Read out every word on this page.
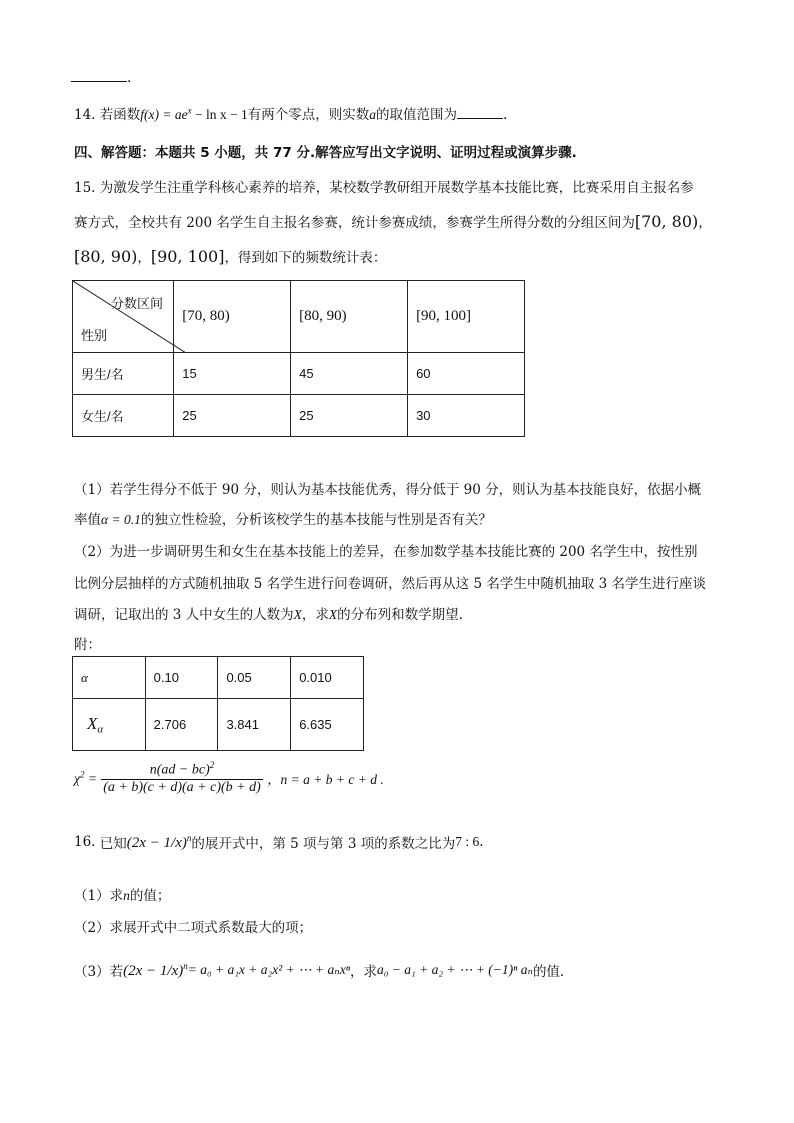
.
14. 若函数$f(x) = ae^x - \ln x - 1$有两个零点，则实数a的取值范围为	.
四、解答题：本题共 5 小题，共 77 分.解答应写出文字说明、证明过程或演算步骤.
15. 为激发学生注重学科核心素养的培养，某校数学教研组开展数学基本技能比赛，比赛采用自主报名参
赛方式，全校共有 200 名学生自主报名参赛，统计参赛成绩，参赛学生所得分数的分组区间为[70, 80)，
[80, 90)，[90, 100]，得到如下的频数统计表：
分数区间
性别	[70, 80)	[80, 90)	[90, 100]
男生/名	15	45	60
女生/名	25	25	30
（1）若学生得分不低于 90 分，则认为基本技能优秀，得分低于 90 分，则认为基本技能良好，依据小概
率值α = 0.1的独立性检验，分析该校学生的基本技能与性别是否有关？
（2）为进一步调研男生和女生在基本技能上的差异，在参加数学基本技能比赛的 200 名学生中，按性别
比例分层抽样的方式随机抽取 5 名学生进行问卷调研，然后再从这 5 名学生中随机抽取 3 名学生进行座谈
调研，记取出的 3 人中女生的人数为X，求X的分布列和数学期望.
附：
α	0.10	0.05	0.010
$X_\alpha$	2.706	3.841	6.635
$\chi^2 = \frac{n(ad - bc)^2}{(a + b)(c + d)(a + c)(b + d)}$ ，n = a + b + c + d .
16. 已知$(2x - 1/x)^n$的展开式中，第 5 项与第 3 项的系数之比为7 : 6.
（1）求n的值；
（2）求展开式中二项式系数最大的项；
（3）若$(2x - 1/x)^n= a_0 + a_1x + a_2x^2$ + ⋯ + aₙxⁿ，求a₀ − a₁ + a₂ + ⋯ + (−1)ⁿ aₙ的值.
